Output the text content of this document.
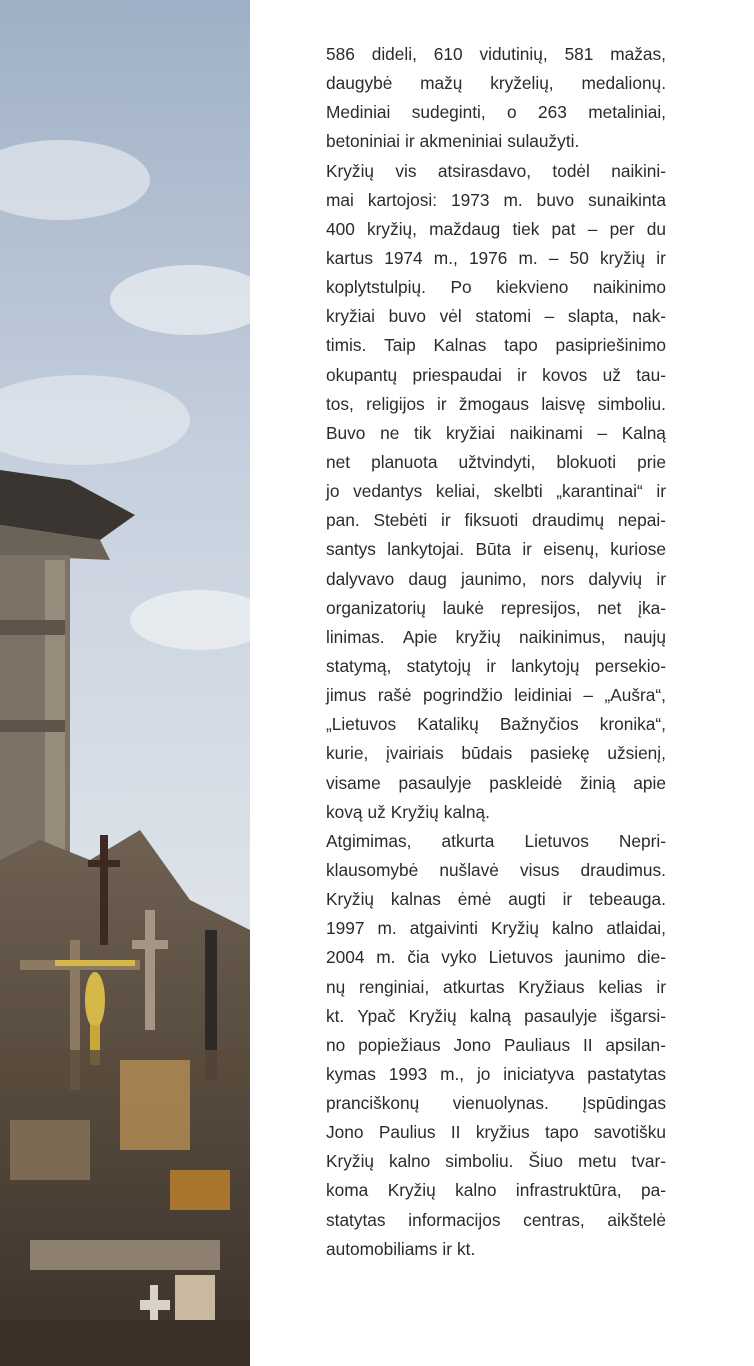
586 dideli, 610 vidutinių, 581 mažas,
daugybė mažų kryželių, medalionų.
Mediniai sudeginti, o 263 metaliniai,
betoniniai ir akmeniniai sulaužyti.
Kryžių vis atsirasdavo, todėl naikini-
mai kartojosi: 1973 m. buvo sunaikinta
400 kryžių, maždaug tiek pat – per du
kartus 1974 m., 1976 m. – 50 kryžių ir
koplytstulpių. Po kiekvieno naikinimo
kryžiai buvo vėl statomi – slapta, nak-
timis. Taip Kalnas tapo pasipriešinimo
okupantų priespaudai ir kovos už tau-
tos, religijos ir žmogaus laisvę simboliu.
Buvo ne tik kryžiai naikinami – Kalną
net planuota užtvindyti, blokuoti prie
jo vedantys keliai, skelbti „karantinai“ ir
pan. Stebėti ir fiksuoti draudimų nepai-
santys lankytojai. Būta ir eisenų, kuriose
dalyvavo daug jaunimo, nors dalyvių ir
organizatorių laukė represijos, net įka-
linimas. Apie kryžių naikinimus, naujų
statymą, statytojų ir lankytojų persekio-
jimus rašė pogrindžio leidiniai – „Aušra“,
„Lietuvos Katalikų Bažnyčios kronika“,
kurie, įvairiais būdais pasiekę užsienį,
visame pasaulyje paskleidė žinią apie
kovą už Kryžių kalną.
Atgimimas, atkurta Lietuvos Nepri-
klausomybė nušlavė visus draudimus.
Kryžių kalnas ėmė augti ir tebeauga.
1997 m. atgaivinti Kryžių kalno atlaidai,
2004 m. čia vyko Lietuvos jaunimo die-
nų renginiai, atkurtas Kryžiaus kelias ir
kt. Ypač Kryžių kalną pasaulyje išgarsi-
no popiežiaus Jono Pauliaus II apsilan-
kymas 1993 m., jo iniciatyva pastatytas
pranciškonų vienuolynas. Įspūdingas
Jono Paulius II kryžius tapo savotišku
Kryžių kalno simboliu. Šiuo metu tvar-
koma Kryžių kalno infrastruktūra, pa-
statytas informacijos centras, aikštelė
automobiliams ir kt.
